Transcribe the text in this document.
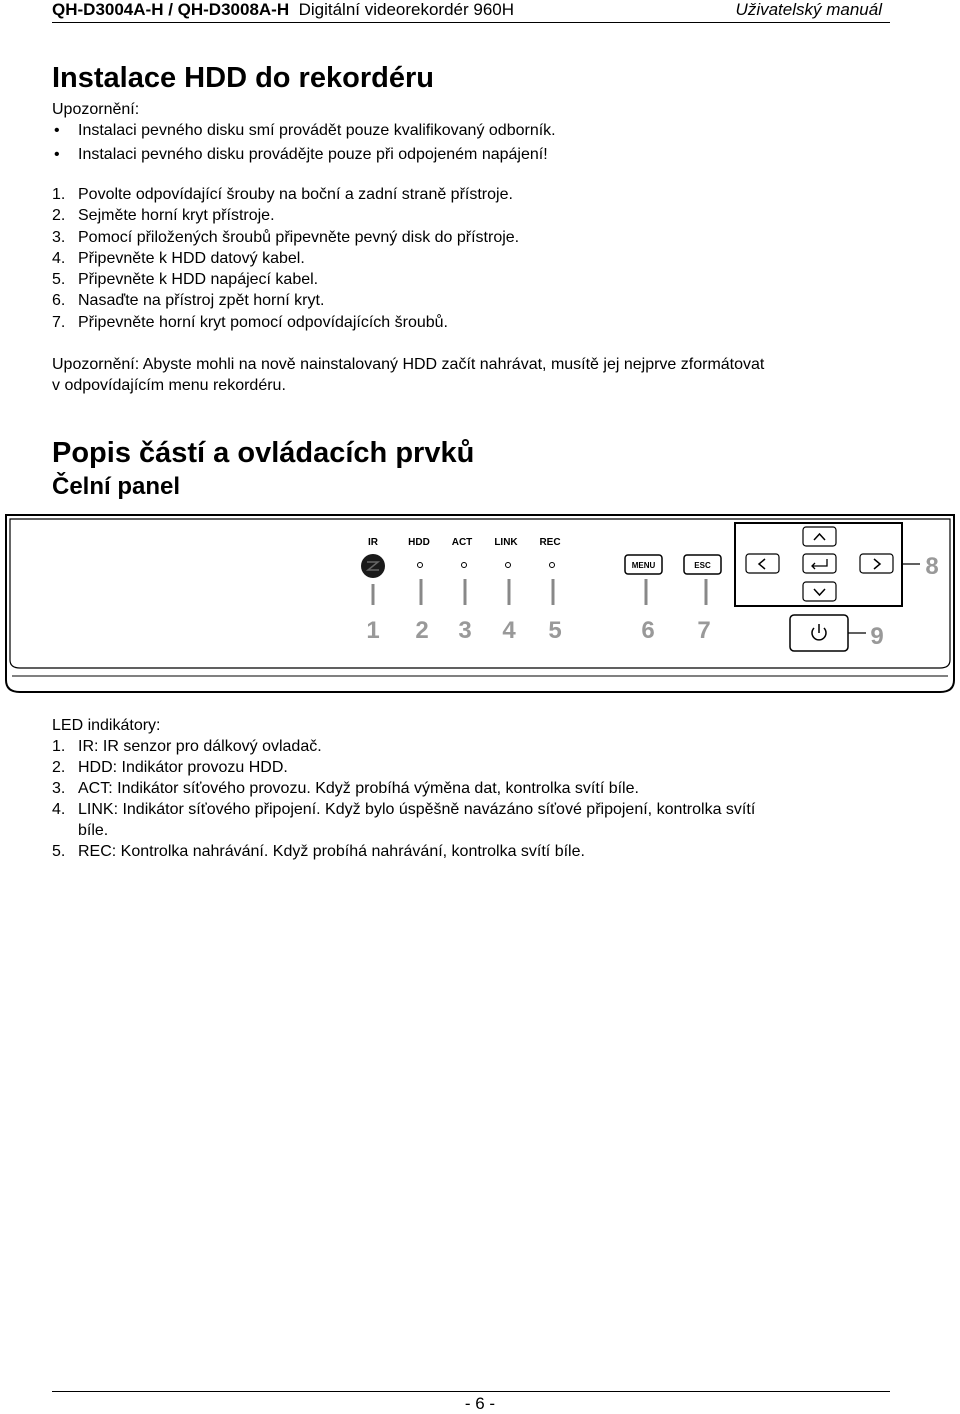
QH-D3004A-H / QH-D3008A-H Digitální videorekordér 960H	Uživatelský manuál
Instalace HDD do rekordéru
Upozornění:
• Instalaci pevného disku smí provádět pouze kvalifikovaný odborník.
• Instalaci pevného disku provádějte pouze při odpojeném napájení!
1. Povolte odpovídající šrouby na boční a zadní straně přístroje.
2. Sejměte horní kryt přístroje.
3. Pomocí přiložených šroubů připevněte pevný disk do přístroje.
4. Připevněte k HDD datový kabel.
5. Připevněte k HDD napájecí kabel.
6. Nasaďte na přístroj zpět horní kryt.
7. Připevněte horní kryt pomocí odpovídajících šroubů.
Upozornění: Abyste mohli na nově nainstalovaný HDD začít nahrávat, musítě jej nejprve zformátovat
v odpovídajícím menu rekordéru.
Popis částí a ovládacích prvků
Čelní panel
IR	HDD ACT LINK REC
MENU	ESC
1 2 3 4 5	6 7
8
9
LED indikátory:
1. IR: IR senzor pro dálkový ovladač.
2. HDD: Indikátor provozu HDD.
3. ACT: Indikátor síťového provozu. Když probíhá výměna dat, kontrolka svítí bíle.
4. LINK: Indikátor síťového připojení. Když bylo úspěšně navázáno síťové připojení, kontrolka svítí
bíle.
5. REC: Kontrolka nahrávání. Když probíhá nahrávání, kontrolka svítí bíle.
- 6 -
